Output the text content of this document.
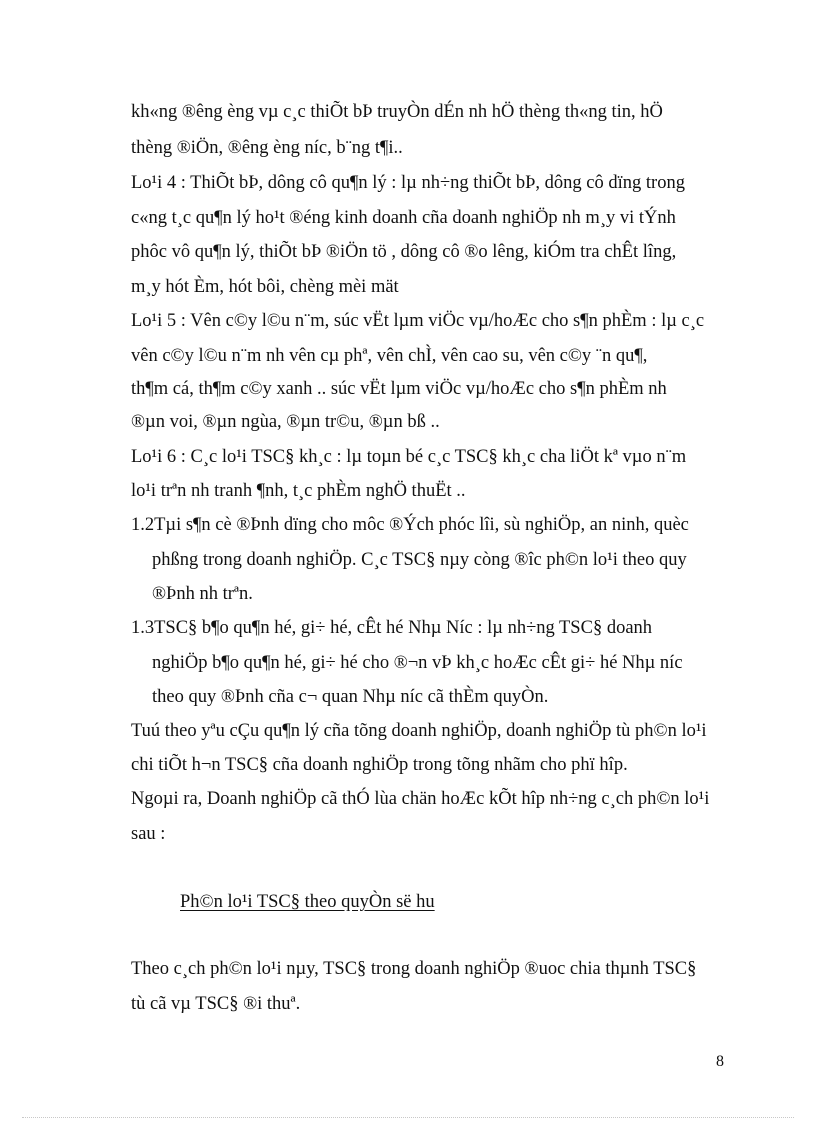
kh«ng ®êng èng vµ c¸c thiÕt bÞ truyÒn dÉn nh hÖ thèng th«ng tin, hÖ

thèng ®iÖn, ®êng èng níc, b¨ng t¶i..

Lo¹i 4 : ThiÕt bÞ, dông cô qu¶n lý : lµ nh÷ng thiÕt bÞ, dông cô dïng trong

c«ng t¸c qu¶n lý ho¹t ®éng kinh doanh cña doanh nghiÖp nh m¸y vi tÝnh

phôc vô qu¶n lý, thiÕt bÞ ®iÖn tö , dông cô ®o lêng, kiÓm tra chÊt lîng,

m¸y hót Èm, hót bôi, chèng mèi mät

Lo¹i 5 : Vên c©y l©u n¨m, súc vËt lµm viÖc vµ/hoÆc cho s¶n phÈm : lµ c¸c

vên c©y l©u n¨m nh vên cµ phª, vên chÌ, vên cao su, vên c©y ¨n qu¶,

th¶m cá, th¶m c©y xanh .. súc vËt lµm viÖc vµ/hoÆc cho s¶n phÈm nh

®µn voi, ®µn ngùa, ®µn tr©u, ®µn bß ..

Lo¹i 6 : C¸c lo¹i TSC§ kh¸c : lµ toµn bé c¸c TSC§ kh¸c cha liÖt kª vµo n¨m

lo¹i trªn nh tranh ¶nh, t¸c phÈm nghÖ thuËt ..

1.2Tµi s¶n cè ®Þnh dïng cho môc ®Ých phóc lîi, sù nghiÖp, an ninh, quèc

phßng trong doanh nghiÖp. C¸c TSC§ nµy còng ®îc ph©n lo¹i theo quy

®Þnh nh trªn.

1.3TSC§ b¶o qu¶n hé, gi÷ hé, cÊt hé Nhµ Níc : lµ nh÷ng TSC§ doanh

nghiÖp b¶o qu¶n hé, gi÷ hé cho ®¬n vÞ kh¸c hoÆc cÊt gi÷ hé Nhµ níc

theo quy ®Þnh cña c¬ quan Nhµ níc cã thÈm quyÒn.

Tuú theo yªu cÇu qu¶n lý cña tõng doanh nghiÖp, doanh nghiÖp tù ph©n lo¹i

chi tiÕt h¬n TSC§ cña doanh nghiÖp trong tõng nhãm cho phï hîp.

Ngoµi ra, Doanh nghiÖp cã thÓ lùa chän hoÆc kÕt hîp nh÷ng c¸ch ph©n lo¹i

sau :

Ph©n lo¹i TSC§ theo quyÒn së hu

Theo c¸ch ph©n lo¹i nµy, TSC§ trong doanh nghiÖp ®uoc chia thµnh TSC§

tù cã vµ TSC§ ®i thuª.

8
